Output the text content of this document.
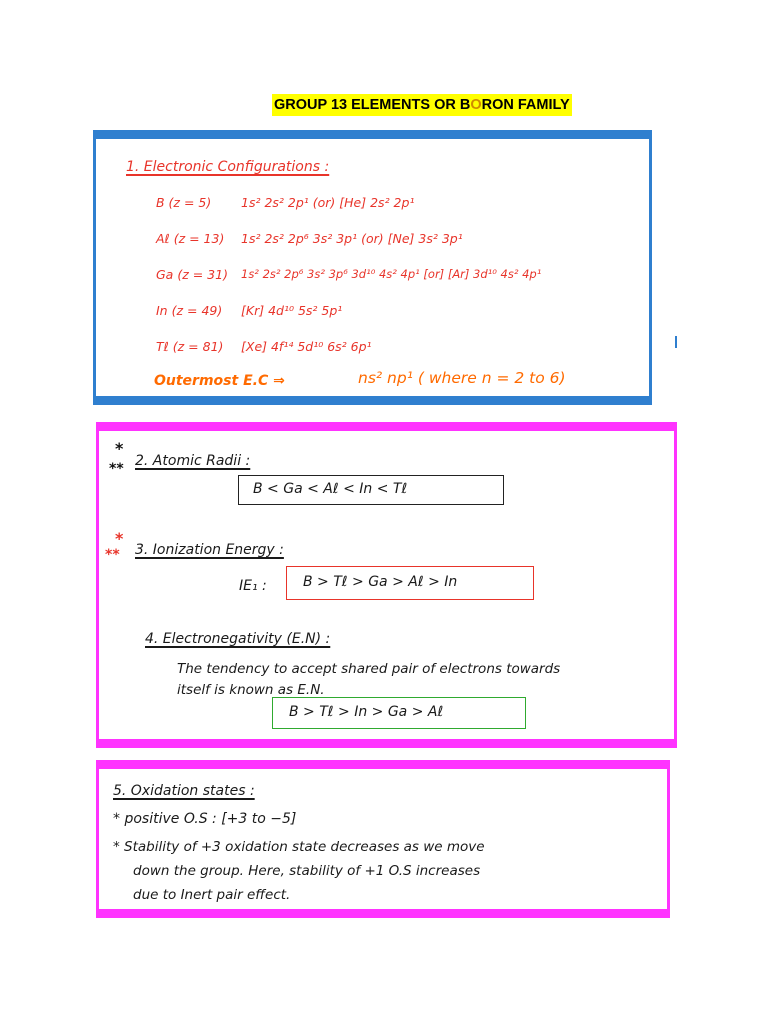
GROUP 13 ELEMENTS OR BORON FAMILY
1. Electronic Configurations :
B (z = 5) 1s² 2s² 2p¹ (or) [He] 2s² 2p¹
Aℓ (z = 13) 1s² 2s² 2p⁶ 3s² 3p¹ (or) [Ne] 3s² 3p¹
Ga (z = 31) 1s² 2s² 2p⁶ 3s² 3p⁶ 3d¹⁰ 4s² 4p¹ [or] [Ar] 3d¹⁰ 4s² 4p¹
In (z = 49) [Kr] 4d¹⁰ 5s² 5p¹
Tℓ (z = 81) [Xe] 4f¹⁴ 5d¹⁰ 6s² 6p¹
Outermost E.C ⇒	ns² np¹ ( where n = 2 to 6)
*
** 2. Atomic Radii :
B < Ga < Aℓ < In < Tℓ
*
** 3. Ionization Energy :
IE₁ :	B > Tℓ > Ga > Aℓ > In
4. Electronegativity (E.N) :
The tendency to accept shared pair of electrons towards
itself is known as E.N.
B > Tℓ > In > Ga > Aℓ
5. Oxidation states :
* positive O.S : [+3 to −5]
* Stability of +3 oxidation state decreases as we move
down the group. Here, stability of +1 O.S increases
due to Inert pair effect.
